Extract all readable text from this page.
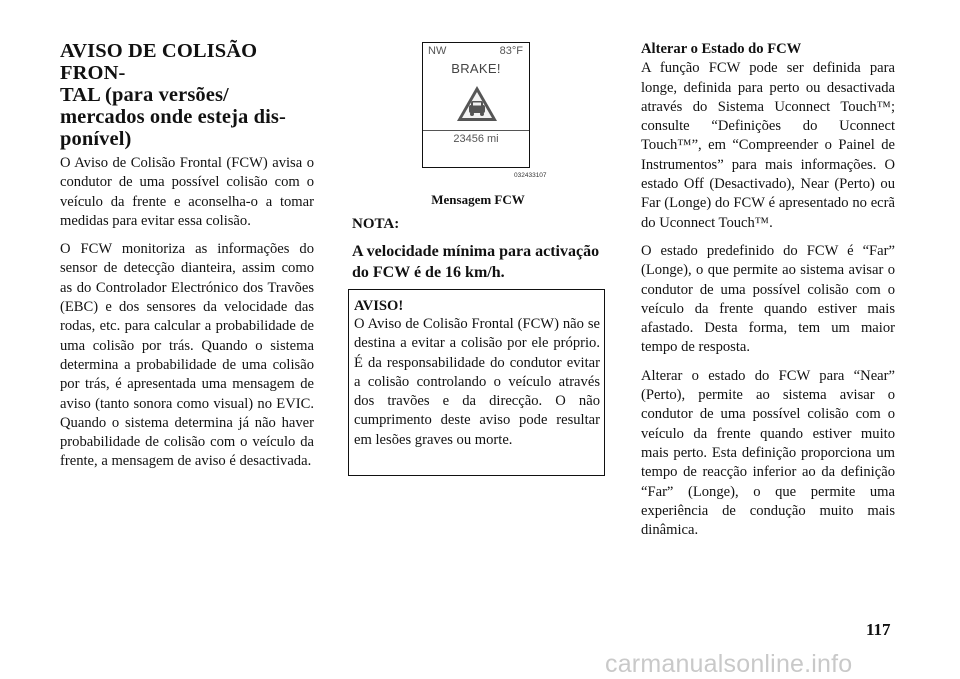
AVISO DE COLISÃO FRON-
TAL (para versões/
mercados onde esteja dis-
ponível)

O Aviso de Colisão Frontal (FCW) avisa o condutor de uma possível colisão com o veículo da frente e aconselha-o a tomar medidas para evitar essa colisão.

O FCW monitoriza as informações do sensor de detecção dianteira, assim como as do Controlador Electrónico dos Travões (EBC) e dos sensores da velocidade das rodas, etc. para calcular a probabilidade de uma colisão por trás. Quando o sistema determina a probabilidade de uma colisão por trás, é apresentada uma mensagem de aviso (tanto sonora como visual) no EVIC. Quando o sistema determina já não haver probabilidade de colisão com o veículo da frente, a mensagem de aviso é desactivada.

NW	83°F
BRAKE!
23456 mi
032433107
Mensagem FCW
NOTA:
A velocidade mínima para activação do FCW é de 16 km/h.
AVISO!

O Aviso de Colisão Frontal (FCW) não se destina a evitar a colisão por ele próprio. É da responsabilidade do condutor evitar a colisão controlando o veículo através dos travões e da direcção. O não cumprimento deste aviso pode resultar em lesões graves ou morte.

Alterar o Estado do FCW

A função FCW pode ser definida para longe, definida para perto ou desactivada através do Sistema Uconnect Touch™; consulte “Definições do Uconnect Touch™”, em “Compreender o Painel de Instrumentos” para mais informações. O estado Off (Desactivado), Near (Perto) ou Far (Longe) do FCW é apresentado no ecrã do Uconnect Touch™.

O estado predefinido do FCW é “Far” (Longe), o que permite ao sistema avisar o condutor de uma possível colisão com o veículo da frente quando estiver mais afastado. Desta forma, tem um maior tempo de resposta.

Alterar o estado do FCW para “Near” (Perto), permite ao sistema avisar o condutor de uma possível colisão com o veículo da frente quando estiver muito mais perto. Esta definição proporciona um tempo de reacção inferior ao da definição “Far” (Longe), o que permite uma experiência de condução muito mais dinâmica.

117
carmanualsonline.info
